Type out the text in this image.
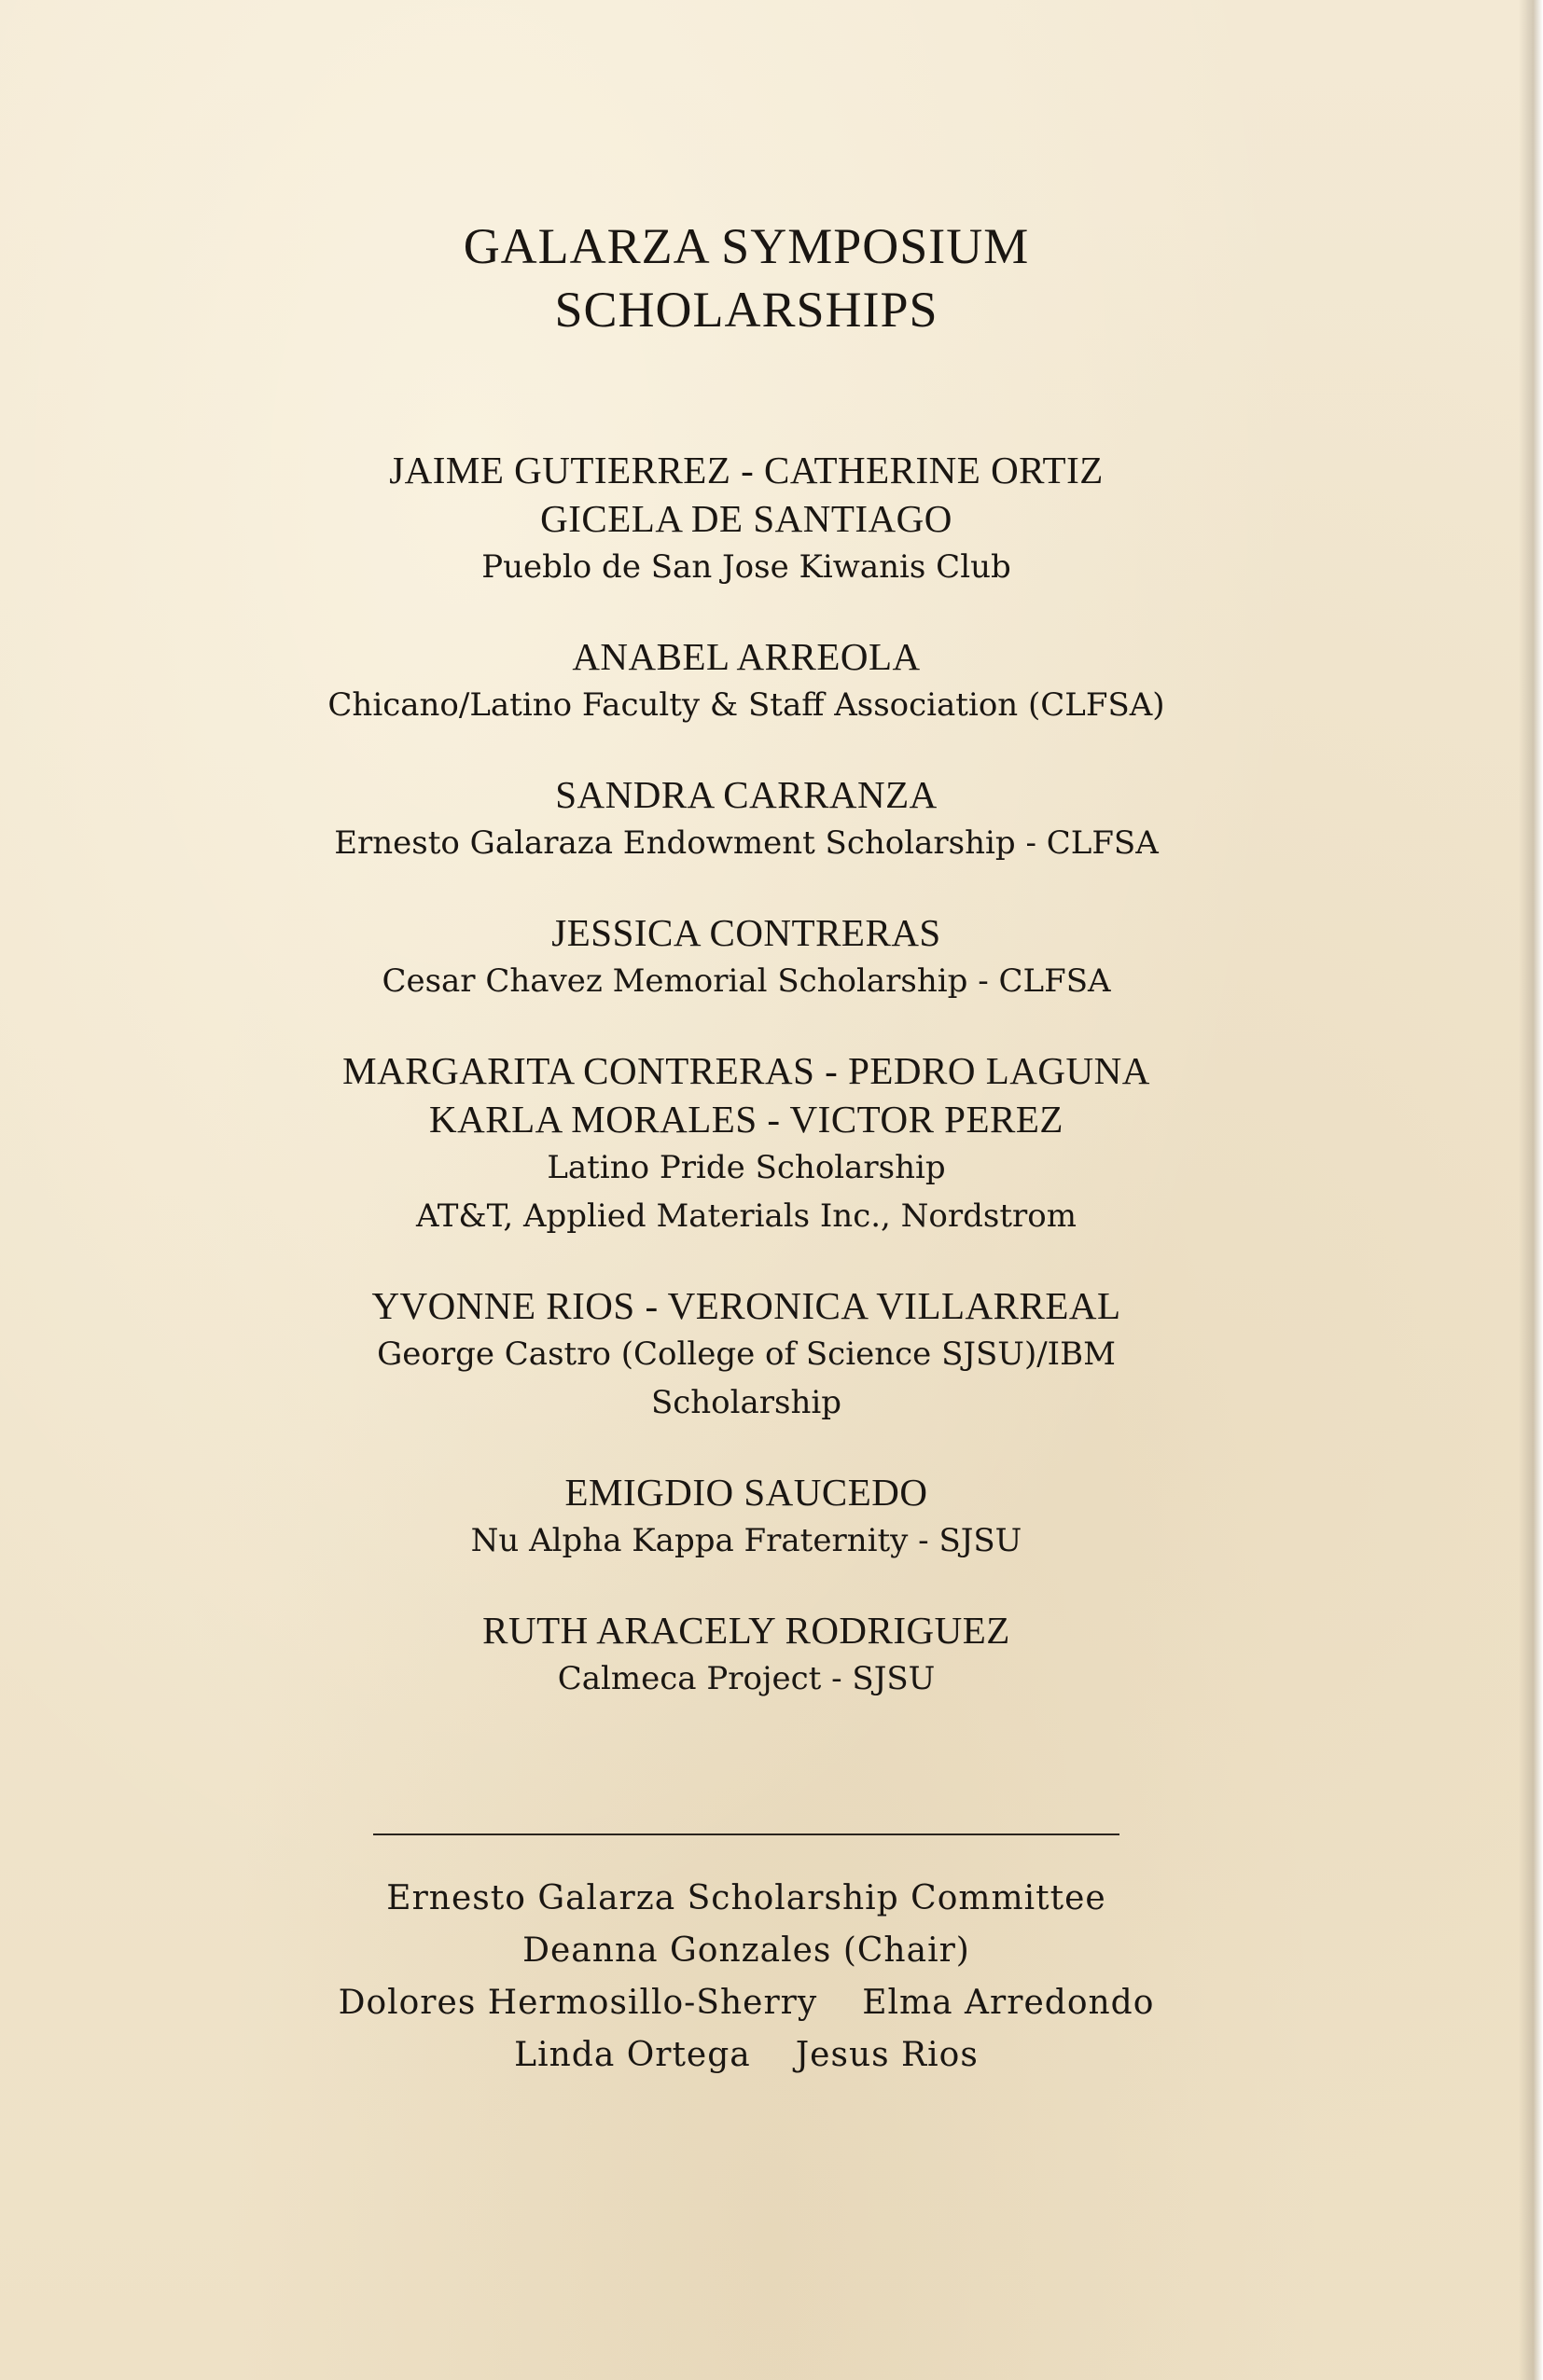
GALARZA SYMPOSIUM

SCHOLARSHIPS

JAIME GUTIERREZ - CATHERINE ORTIZ

GICELA DE SANTIAGO

Pueblo de San Jose Kiwanis Club

ANABEL ARREOLA

Chicano/Latino Faculty & Staff Association (CLFSA)

SANDRA CARRANZA

Ernesto Galaraza Endowment Scholarship - CLFSA

JESSICA CONTRERAS

Cesar Chavez Memorial Scholarship - CLFSA

MARGARITA CONTRERAS - PEDRO LAGUNA

KARLA MORALES - VICTOR PEREZ

Latino Pride Scholarship

AT&T, Applied Materials Inc., Nordstrom

YVONNE RIOS - VERONICA VILLARREAL

George Castro (College of Science SJSU)/IBM

Scholarship

EMIGDIO SAUCEDO

Nu Alpha Kappa Fraternity - SJSU

RUTH ARACELY RODRIGUEZ

Calmeca Project - SJSU

Ernesto Galarza Scholarship Committee

Deanna Gonzales (Chair)

Dolores Hermosillo-Sherry Elma Arredondo

Linda Ortega Jesus Rios
